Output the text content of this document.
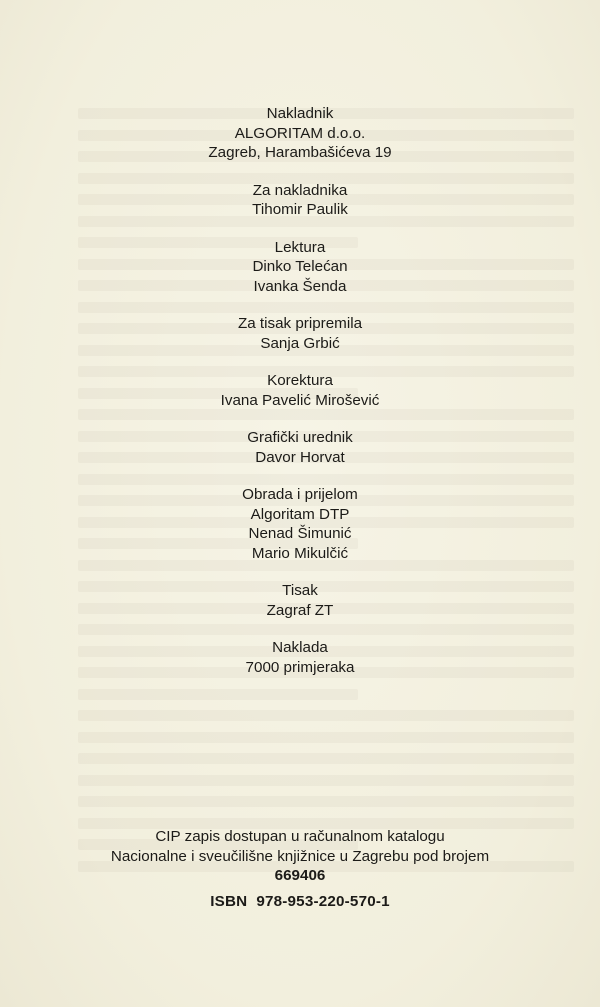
Nakladnik
ALGORITAM d.o.o.
Zagreb, Harambašićeva 19
Za nakladnika
Tihomir Paulik
Lektura
Dinko Telećan
Ivanka Šenda
Za tisak pripremila
Sanja Grbić
Korektura
Ivana Pavelić Mirošević
Grafički urednik
Davor Horvat
Obrada i prijelom
Algoritam DTP
Nenad Šimunić
Mario Mikulčić
Tisak
Zagraf ZT
Naklada
7000 primjeraka
CIP zapis dostupan u računalnom katalogu
Nacionalne i sveučilišne knjižnice u Zagrebu pod brojem
669406
ISBN 978-953-220-570-1
